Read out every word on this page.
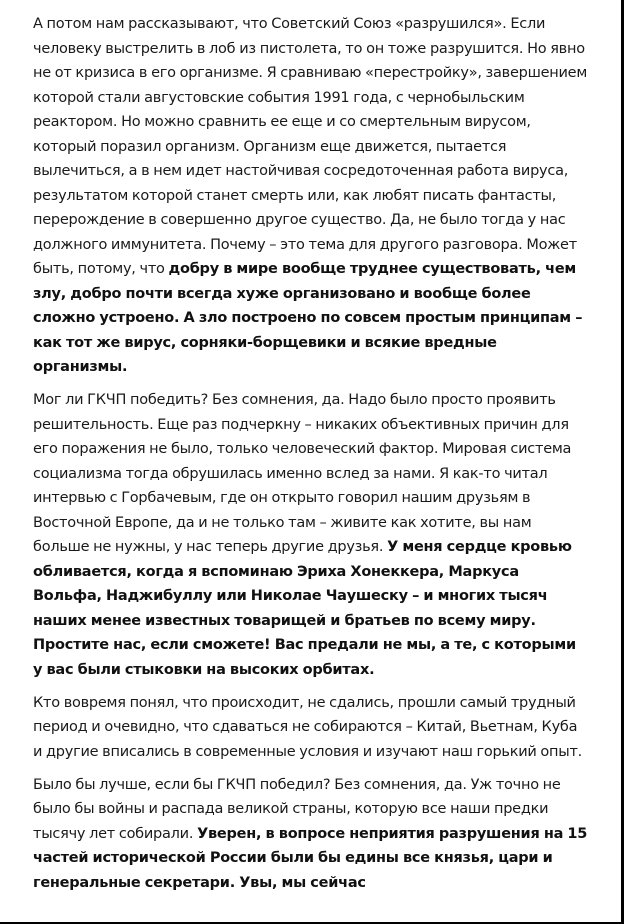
А потом нам рассказывают, что Советский Союз «разрушился». Если человеку выстрелить в лоб из пистолета, то он тоже разрушится. Но явно не от кризиса в его организме. Я сравниваю «перестройку», завершением которой стали августовские события 1991 года, с чернобыльским реактором. Но можно сравнить ее еще и со смертельным вирусом, который поразил организм. Организм еще движется, пытается вылечиться, а в нем идет настойчивая сосредоточенная работа вируса, результатом которой станет смерть или, как любят писать фантасты, перерождение в совершенно другое существо. Да, не было тогда у нас должного иммунитета. Почему – это тема для другого разговора. Может быть, потому, что добру в мире вообще труднее существовать, чем злу, добро почти всегда хуже организовано и вообще более сложно устроено. А зло построено по совсем простым принципам – как тот же вирус, сорняки-борщевики и всякие вредные организмы.

Мог ли ГКЧП победить? Без сомнения, да. Надо было просто проявить решительность. Еще раз подчеркну – никаких объективных причин для его поражения не было, только человеческий фактор. Мировая система социализма тогда обрушилась именно вслед за нами. Я как-то читал интервью с Горбачевым, где он открыто говорил нашим друзьям в Восточной Европе, да и не только там – живите как хотите, вы нам больше не нужны, у нас теперь другие друзья. У меня сердце кровью обливается, когда я вспоминаю Эриха Хонеккера, Маркуса Вольфа, Наджибуллу или Николае Чаушеску – и многих тысяч наших менее известных товарищей и братьев по всему миру. Простите нас, если сможете! Вас предали не мы, а те, с которыми у вас были стыковки на высоких орбитах.

Кто вовремя понял, что происходит, не сдались, прошли самый трудный период и очевидно, что сдаваться не собираются – Китай, Вьетнам, Куба и другие вписались в современные условия и изучают наш горький опыт.

Было бы лучше, если бы ГКЧП победил? Без сомнения, да. Уж точно не было бы войны и распада великой страны, которую все наши предки тысячу лет собирали. Уверен, в вопросе неприятия разрушения на 15 частей исторической России были бы едины все князья, цари и генеральные секретари. Увы, мы сейчас
